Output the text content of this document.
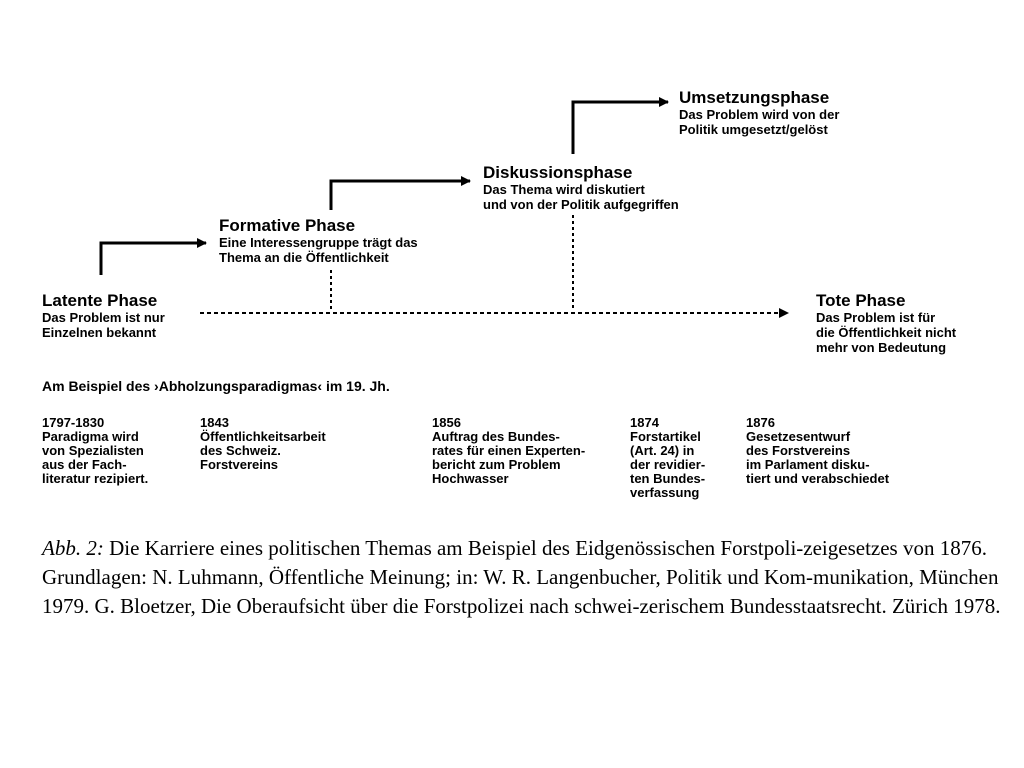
Latente Phase
Das Problem ist nur
Einzelnen bekannt
Formative Phase
Eine Interessengruppe trägt das
Thema an die Öffentlichkeit
Diskussionsphase
Das Thema wird diskutiert
und von der Politik aufgegriffen
Umsetzungsphase
Das Problem wird von der
Politik umgesetzt/gelöst
Tote Phase
Das Problem ist für
die Öffentlichkeit nicht
mehr von Bedeutung
Am Beispiel des ›Abholzungsparadigmas‹ im 19. Jh.
1797-1830
Paradigma wird
von Spezialisten
aus der Fach-
literatur rezipiert.
1843
Öffentlichkeitsarbeit
des Schweiz.
Forstvereins
1856
Auftrag des Bundes-
rates für einen Experten-
bericht zum Problem
Hochwasser
1874
Forstartikel
(Art. 24) in
der revidier-
ten Bundes-
verfassung
1876
Gesetzesentwurf
des Forstvereins
im Parlament disku-
tiert und verabschiedet
Abb. 2: Die Karriere eines politischen Themas am Beispiel des Eidgenössischen Forstpoli-zeigesetzes von 1876.
Grundlagen: N. Luhmann, Öffentliche Meinung; in: W. R. Langenbucher, Politik und Kom-munikation, München 1979. G. Bloetzer, Die Oberaufsicht über die Forstpolizei nach schwei-zerischem Bundesstaatsrecht. Zürich 1978.
